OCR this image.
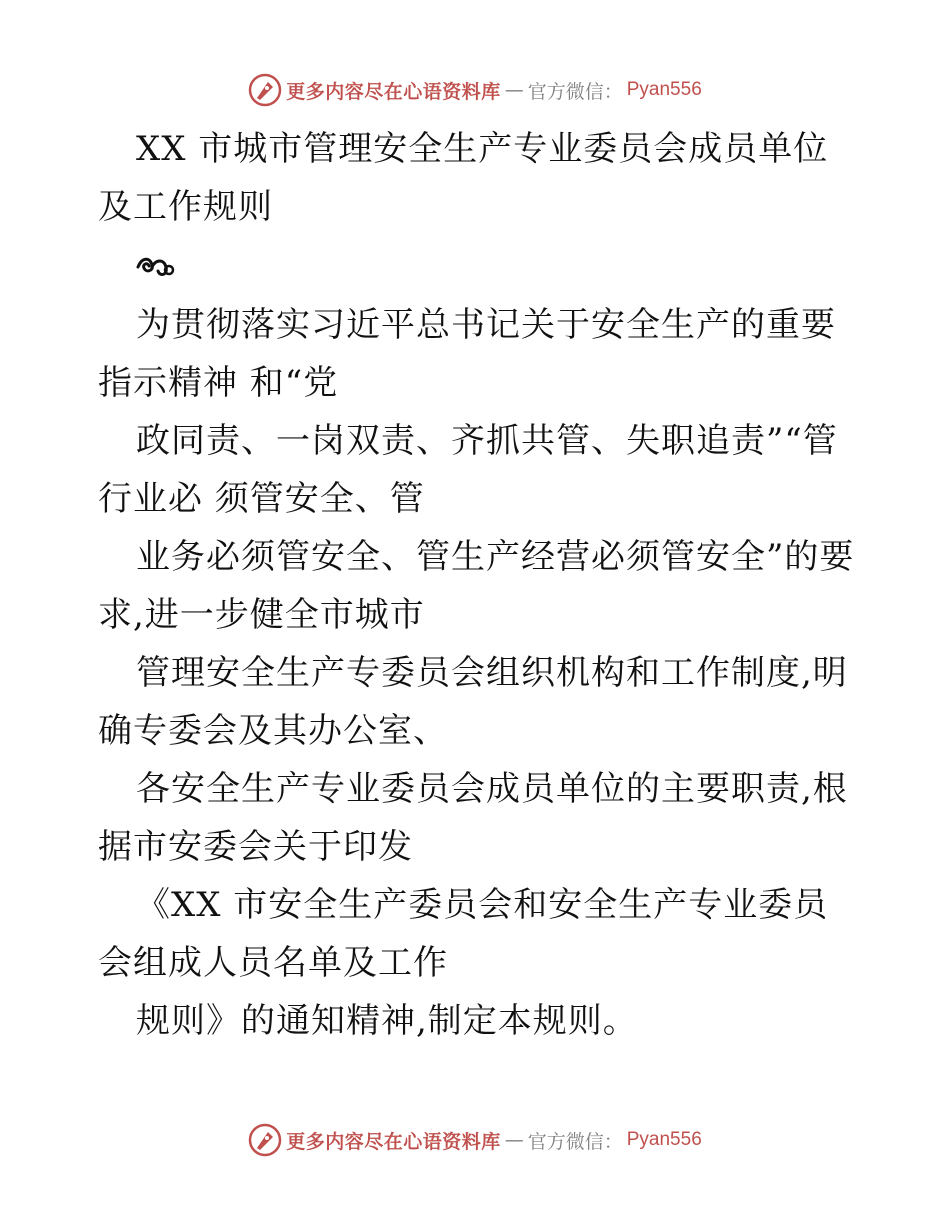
更多内容尽在心语资料库 — 官方微信： Pyan556

XX 市城市管理安全生产专业委员会成员单位及工作规则

为贯彻落实习近平总书记关于安全生产的重要指示精神 和“党

政同责、一岗双责、齐抓共管、失职追责”“管行业必 须管安全、管

业务必须管安全、管生产经营必须管安全”的要求,进一步健全市城市

管理安全生产专委员会组织机构和工作制度,明确专委会及其办公室、

各安全生产专业委员会成员单位的主要职责,根据市安委会关于印发

《XX 市安全生产委员会和安全生产专业委员会组成人员名单及工作

规则》的通知精神,制定本规则。

更多内容尽在心语资料库 — 官方微信： Pyan556
